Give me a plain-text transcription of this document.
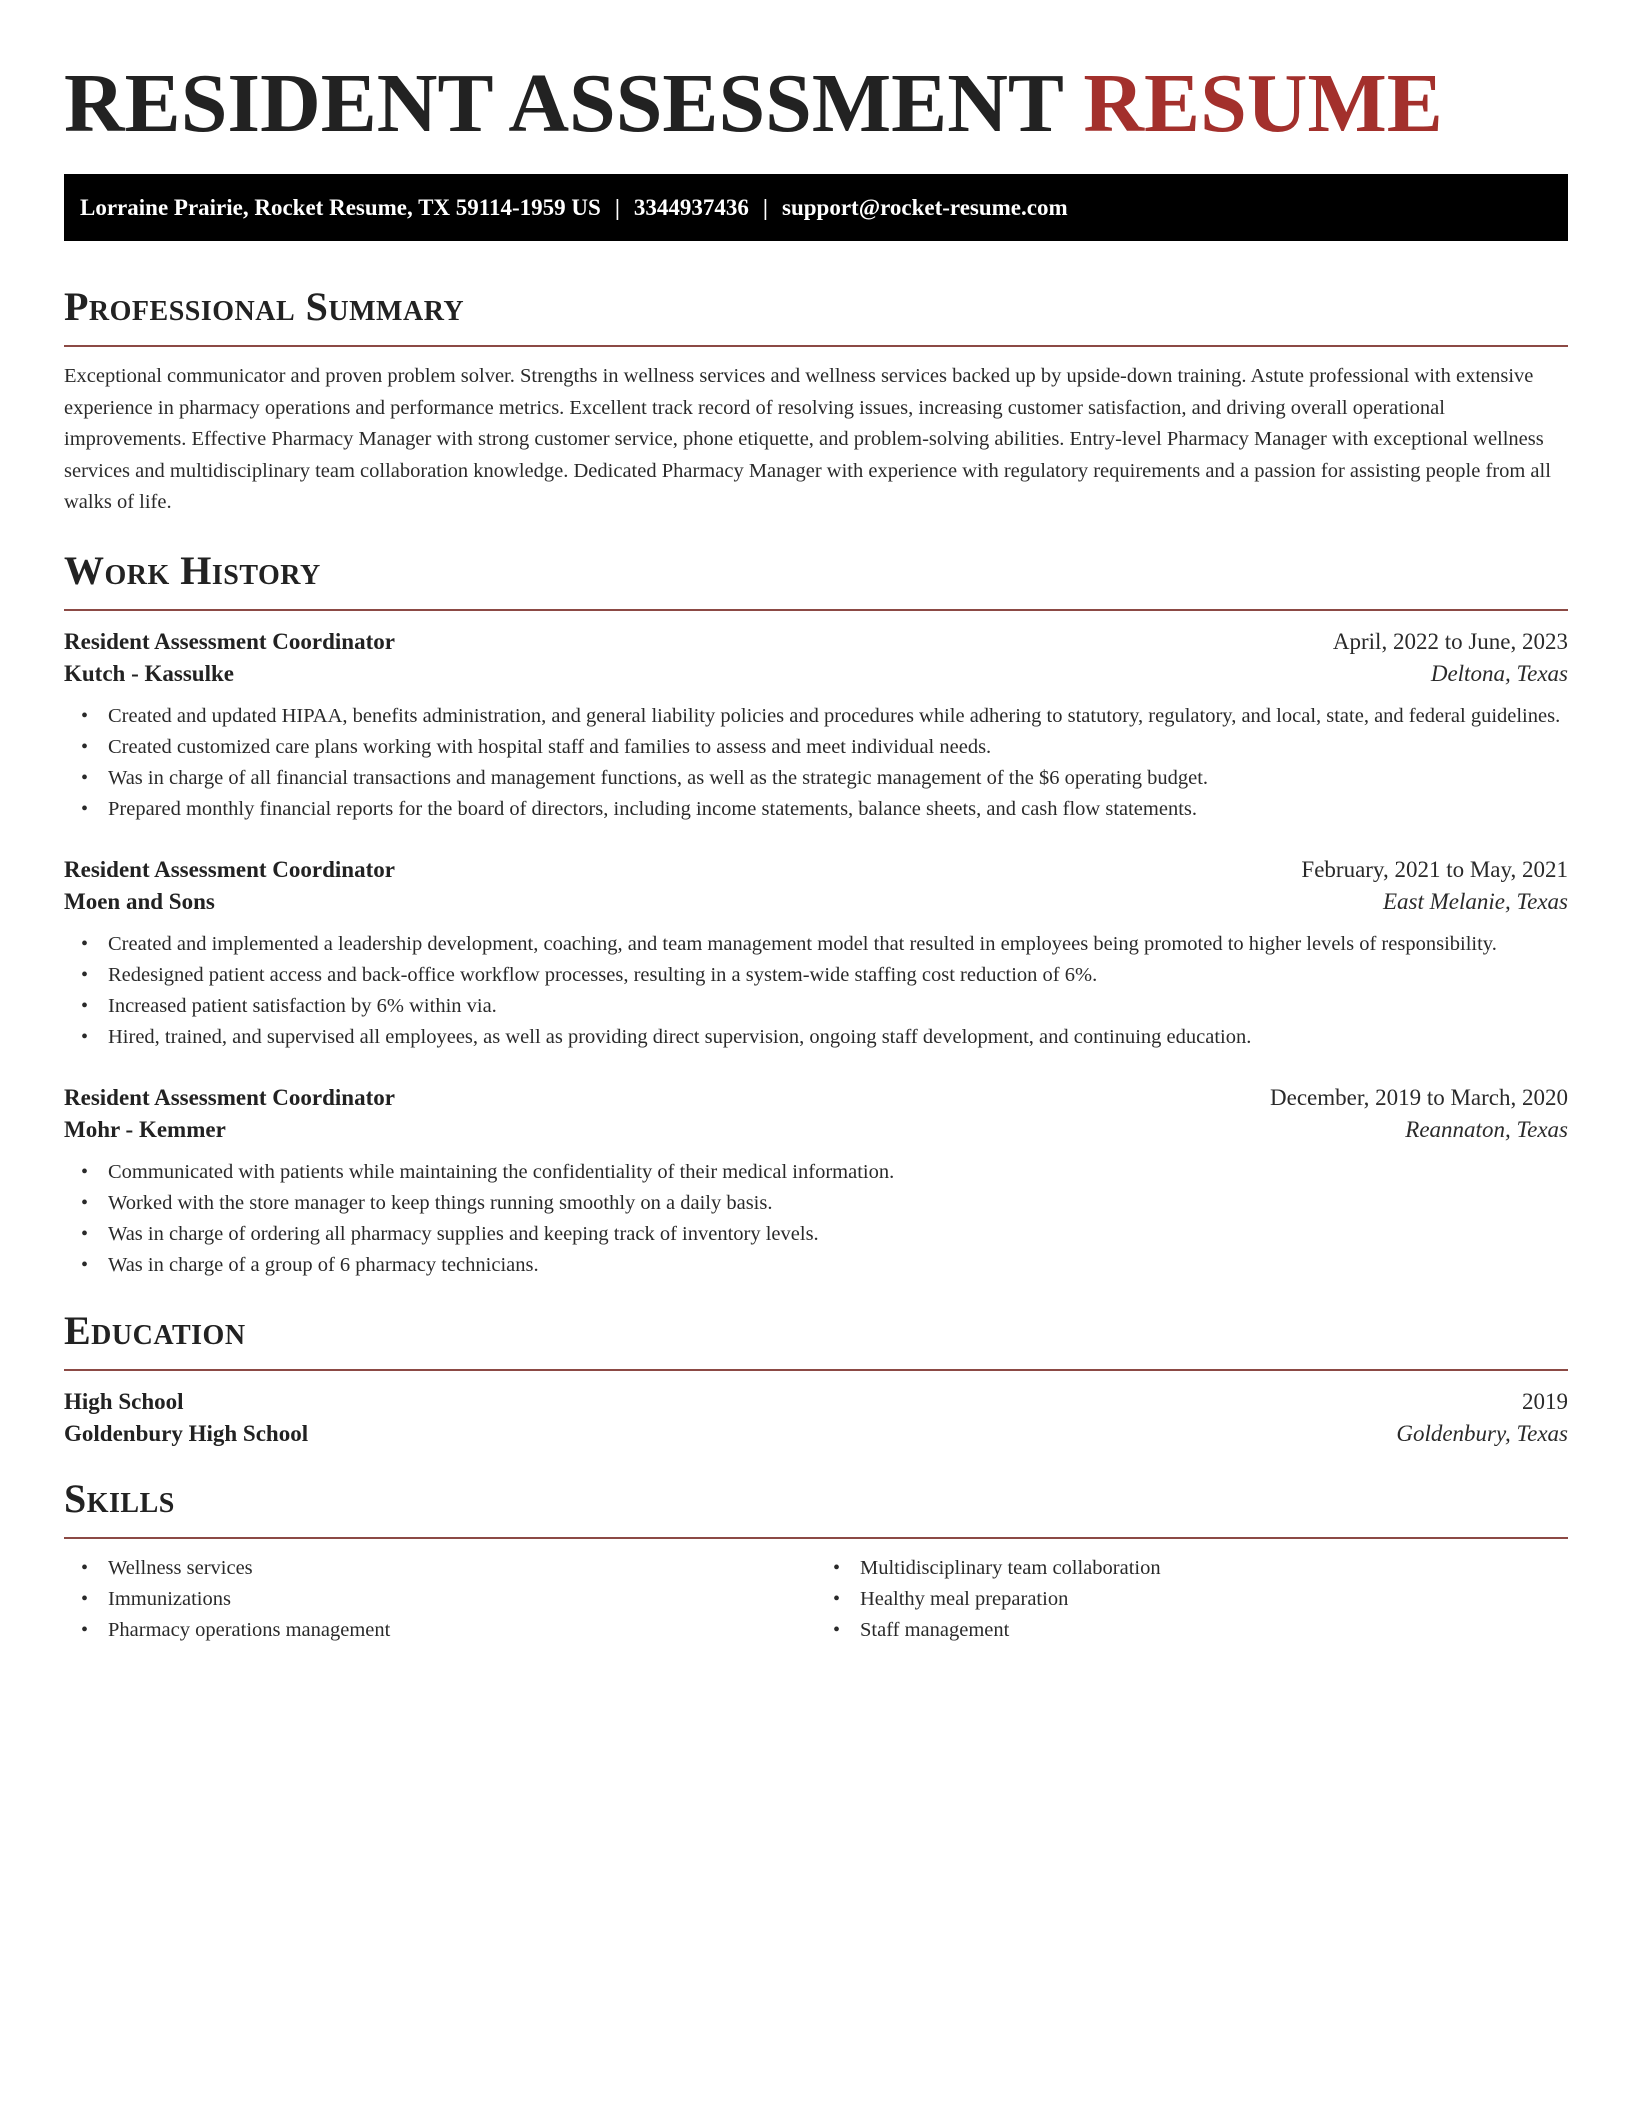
RESIDENT ASSESSMENT RESUME
Lorraine Prairie, Rocket Resume, TX 59114-1959 US | 3344937436 | support@rocket-resume.com
Professional Summary

Exceptional communicator and proven problem solver. Strengths in wellness services and wellness services backed up by upside-down training. Astute professional with extensive experience in pharmacy operations and performance metrics. Excellent track record of resolving issues, increasing customer satisfaction, and driving overall operational improvements. Effective Pharmacy Manager with strong customer service, phone etiquette, and problem-solving abilities. Entry-level Pharmacy Manager with exceptional wellness services and multidisciplinary team collaboration knowledge. Dedicated Pharmacy Manager with experience with regulatory requirements and a passion for assisting people from all walks of life.

Work History
Resident Assessment Coordinator	April, 2022 to June, 2023
Kutch - Kassulke	Deltona, Texas
• Created and updated HIPAA, benefits administration, and general liability policies and procedures while adhering to statutory, regulatory, and local, state, and federal guidelines.
• Created customized care plans working with hospital staff and families to assess and meet individual needs.
• Was in charge of all financial transactions and management functions, as well as the strategic management of the $6 operating budget.
• Prepared monthly financial reports for the board of directors, including income statements, balance sheets, and cash flow statements.
Resident Assessment Coordinator	February, 2021 to May, 2021
Moen and Sons	East Melanie, Texas
• Created and implemented a leadership development, coaching, and team management model that resulted in employees being promoted to higher levels of responsibility.
• Redesigned patient access and back-office workflow processes, resulting in a system-wide staffing cost reduction of 6%.
• Increased patient satisfaction by 6% within via.
• Hired, trained, and supervised all employees, as well as providing direct supervision, ongoing staff development, and continuing education.
Resident Assessment Coordinator	December, 2019 to March, 2020
Mohr - Kemmer	Reannaton, Texas
• Communicated with patients while maintaining the confidentiality of their medical information.
• Worked with the store manager to keep things running smoothly on a daily basis.
• Was in charge of ordering all pharmacy supplies and keeping track of inventory levels.
• Was in charge of a group of 6 pharmacy technicians.
Education
High School	2019
Goldenbury High School	Goldenbury, Texas
Skills
• Wellness services
• Immunizations
• Pharmacy operations management
• Multidisciplinary team collaboration
• Healthy meal preparation
• Staff management
